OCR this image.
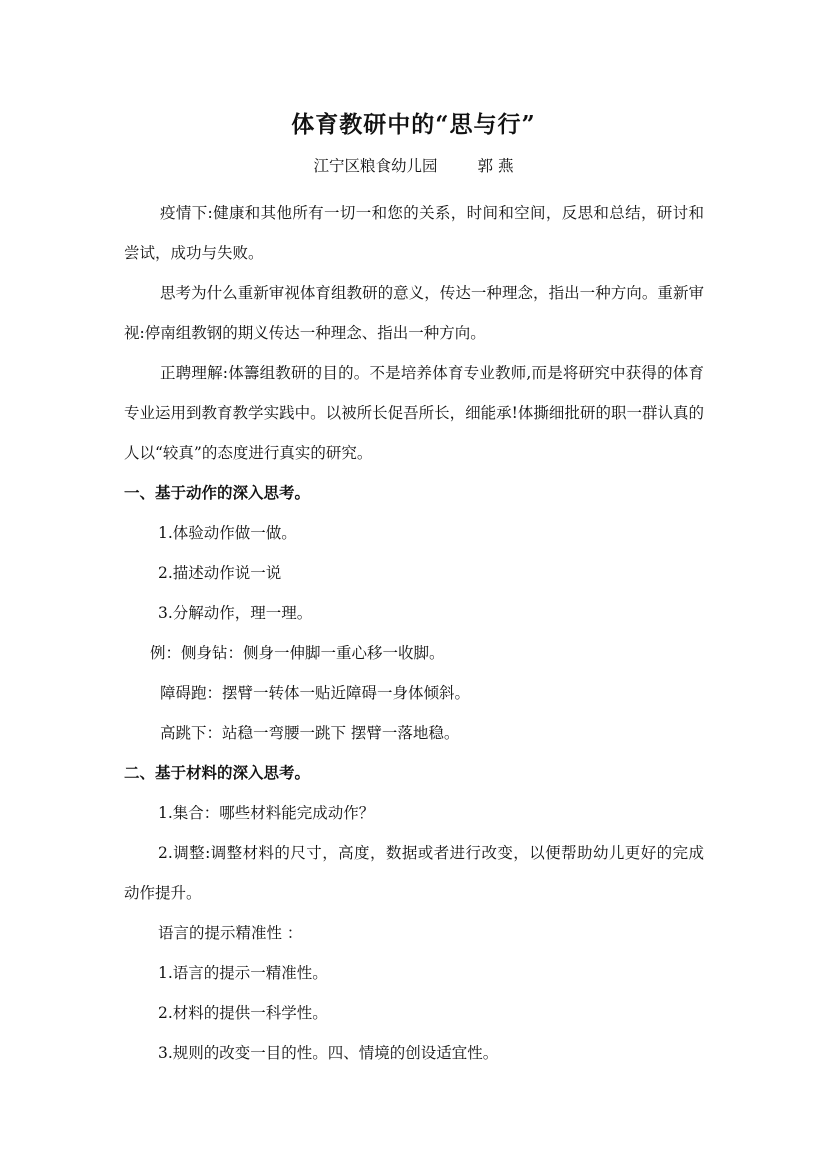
体育教研中的“思与行”
江宁区粮食幼儿园	郭 燕

疫情下:健康和其他所有一切一和您的关系，时间和空间，反思和总结，研讨和尝试，成功与失败。

思考为什么重新审视体育组教研的意义，传达一种理念，指出一种方向。重新审视:停南组教钢的期义传达一种理念、指出一种方向。

正聘理解:体籌组教研的目的。不是培养体育专业教师,而是将研究中获得的体育专业运用到教育教学实践中。以被所长促吾所长，细能承!体撕细批研的职一群认真的人以“较真”的态度进行真实的研究。

一、基于动作的深入思考。

1.体验动作做一做。

2.描述动作说一说

3.分解动作，理一理。

例：侧身钻：侧身一伸脚一重心移一收脚。

障碍跑：摆臂一转体一贴近障碍一身体倾斜。

高跳下：站稳一弯腰一跳下 摆臂一落地稳。

二、基于材料的深入思考。

1.集合：哪些材料能完成动作？

2.调整:调整材料的尺寸，高度，数据或者进行改变，以便帮助幼儿更好的完成动作提升。

语言的提示精准性 ：

1.语言的提示一精准性。

2.材料的提供一科学性。

3.规则的改变一目的性。四、情境的创设适宜性。
